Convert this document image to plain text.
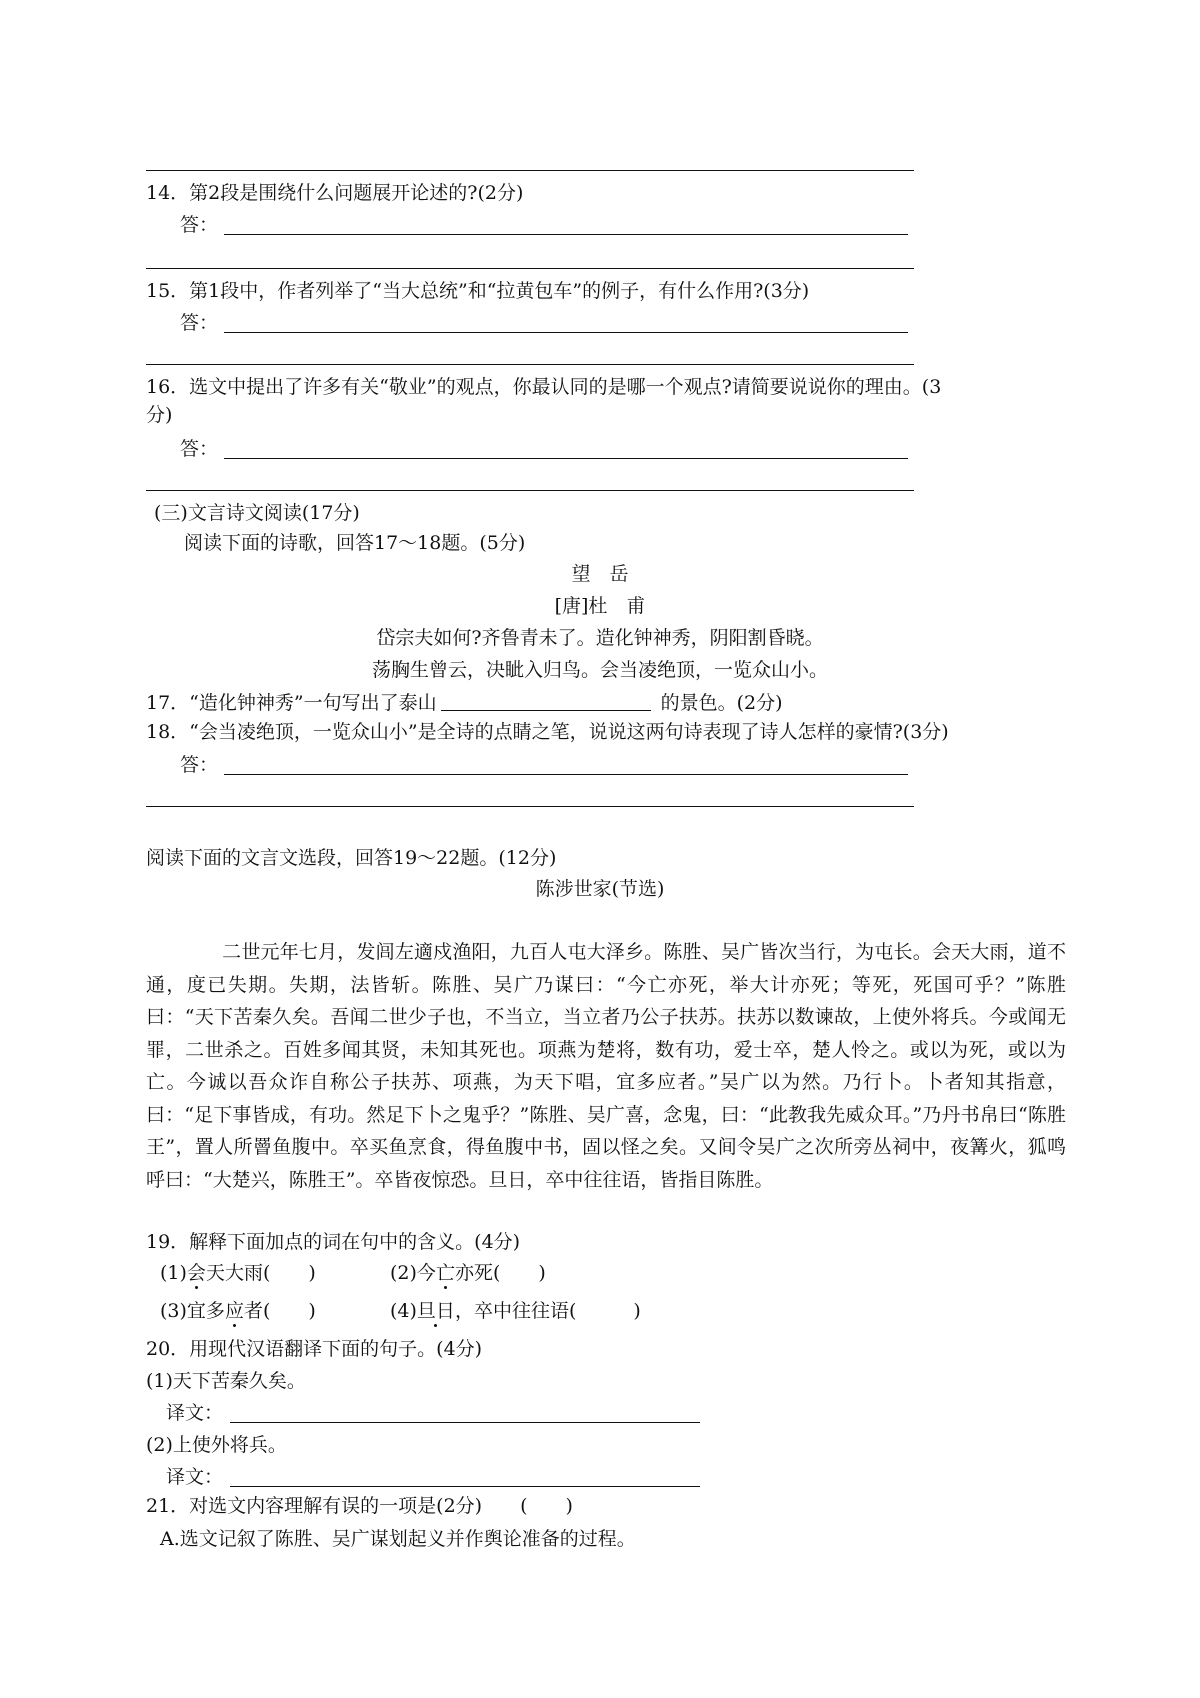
14．第2段是围绕什么问题展开论述的?(2分)
答：
15．第1段中，作者列举了“当大总统”和“拉黄包车”的例子，有什么作用?(3分)
答：
16．选文中提出了许多有关“敬业”的观点，你最认同的是哪一个观点?请简要说说你的理由。(3
分)
答：
(三)文言诗文阅读(17分)
阅读下面的诗歌，回答17～18题。(5分)
望　岳
[唐]杜　甫
岱宗夫如何?齐鲁青未了。造化钟神秀，阴阳割昏晓。
荡胸生曾云，决眦入归鸟。会当凌绝顶，一览众山小。
17．“造化钟神秀”一句写出了泰山	的景色。(2分)
18．“会当凌绝顶，一览众山小”是全诗的点睛之笔，说说这两句诗表现了诗人怎样的豪情?(3分)
答：
阅读下面的文言文选段，回答19～22题。(12分)
陈涉世家(节选)
二世元年七月，发闾左適戍渔阳，九百人屯大泽乡。陈胜、吴广皆次当行，为屯长。会天大雨，道不通，度已失期。失期，法皆斩。陈胜、吴广乃谋曰：“今亡亦死，举大计亦死；等死，死国可乎？”陈胜曰：“天下苦秦久矣。吾闻二世少子也，不当立，当立者乃公子扶苏。扶苏以数谏故，上使外将兵。今或闻无罪，二世杀之。百姓多闻其贤，未知其死也。项燕为楚将，数有功，爱士卒，楚人怜之。或以为死，或以为亡。今诚以吾众诈自称公子扶苏、项燕，为天下唱，宜多应者。”吴广以为然。乃行卜。卜者知其指意，曰：“足下事皆成，有功。然足下卜之鬼乎？”陈胜、吴广喜，念鬼，曰：“此教我先威众耳。”乃丹书帛曰“陈胜王”，置人所罾鱼腹中。卒买鱼烹食，得鱼腹中书，固以怪之矣。又间令吴广之次所旁丛祠中，夜篝火，狐鸣呼曰：“大楚兴，陈胜王”。卒皆夜惊恐。旦日，卒中往往语，皆指目陈胜。
19．解释下面加点的词在句中的含义。(4分)
(1)会天大雨(　　)	(2)今亡亦死(　　)
(3)宜多应者(　　)	(4)旦日，卒中往往语(　　　)
20．用现代汉语翻译下面的句子。(4分)
(1)天下苦秦久矣。
译文：
(2)上使外将兵。
译文：
21．对选文内容理解有误的一项是(2分)　　(　　)
A.选文记叙了陈胜、吴广谋划起义并作舆论准备的过程。
